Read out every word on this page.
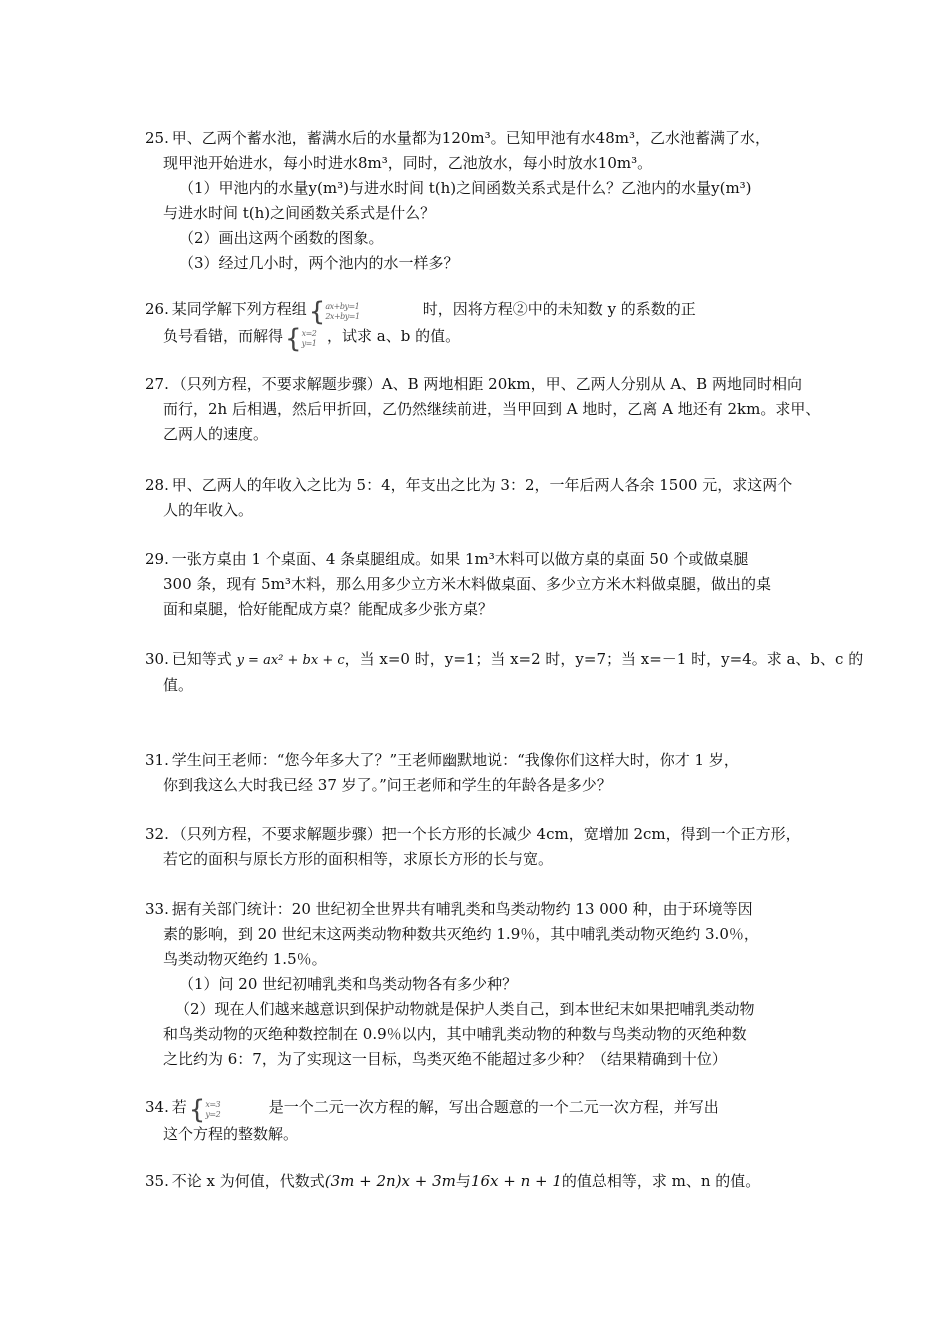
25. 甲、乙两个蓄水池，蓄满水后的水量都为120m³。已知甲池有水48m³，乙水池蓄满了水，
现甲池开始进水，每小时进水8m³，同时，乙池放水，每小时放水10m³。
（1）甲池内的水量y(m³)与进水时间 t(h)之间函数关系式是什么？乙池内的水量y(m³)
与进水时间 t(h)之间函数关系式是什么？
（2）画出这两个函数的图象。
（3）经过几小时，两个池内的水一样多？
26. 某同学解下列方程组{ ax+by=1
2x+by=1	时，因将方程②中的未知数 y 的系数的正
负号看错，而解得{ x=2
y=1 ，试求 a、b 的值。
27. （只列方程，不要求解题步骤）A、B 两地相距 20km，甲、乙两人分别从 A、B 两地同时相向
而行，2h 后相遇，然后甲折回，乙仍然继续前进，当甲回到 A 地时，乙离 A 地还有 2km。求甲、
乙两人的速度。
28. 甲、乙两人的年收入之比为 5：4，年支出之比为 3：2，一年后两人各余 1500 元，求这两个
人的年收入。
29. 一张方桌由 1 个桌面、4 条桌腿组成。如果 1m³木料可以做方桌的桌面 50 个或做桌腿
300 条，现有 5m³木料，那么用多少立方米木料做桌面、多少立方米木料做桌腿，做出的桌
面和桌腿，恰好能配成方桌？能配成多少张方桌？
30. 已知等式 y = ax² + bx + c，当 x=0 时，y=1；当 x=2 时，y=7；当 x=－1 时，y=4。求 a、b、c 的
值。
31. 学生问王老师：“您今年多大了？”王老师幽默地说：“我像你们这样大时，你才 1 岁，
你到我这么大时我已经 37 岁了。”问王老师和学生的年龄各是多少？
32. （只列方程，不要求解题步骤）把一个长方形的长减少 4cm，宽增加 2cm，得到一个正方形，
若它的面积与原长方形的面积相等，求原长方形的长与宽。
33. 据有关部门统计：20 世纪初全世界共有哺乳类和鸟类动物约 13 000 种，由于环境等因
素的影响，到 20 世纪末这两类动物种数共灭绝约 1.9％，其中哺乳类动物灭绝约 3.0％，
鸟类动物灭绝约 1.5％。
（1）问 20 世纪初哺乳类和鸟类动物各有多少种？
（2）现在人们越来越意识到保护动物就是保护人类自己，到本世纪末如果把哺乳类动物
和鸟类动物的灭绝种数控制在 0.9％以内，其中哺乳类动物的种数与鸟类动物的灭绝种数
之比约为 6：7，为了实现这一目标，鸟类灭绝不能超过多少种？（结果精确到十位）
34. 若{ x=3
y=2	是一个二元一次方程的解，写出合题意的一个二元一次方程，并写出
这个方程的整数解。
35. 不论 x 为何值，代数式(3m + 2n)x + 3m与16x + n + 1的值总相等，求 m、n 的值。
